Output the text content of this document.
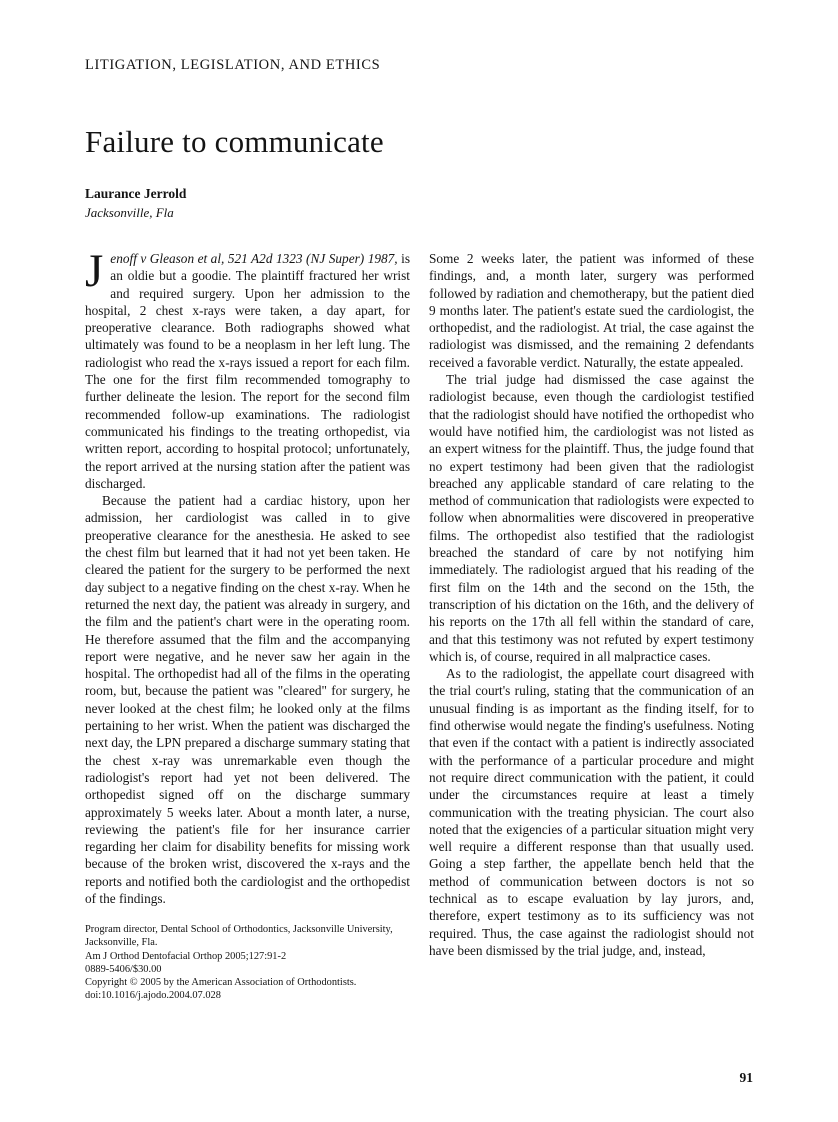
LITIGATION, LEGISLATION, AND ETHICS
Failure to communicate
Laurance Jerrold
Jacksonville, Fla

Jenoff v Gleason et al, 521 A2d 1323 (NJ Super) 1987, is an oldie but a goodie. The plaintiff fractured her wrist and required surgery. Upon her admission to the hospital, 2 chest x-rays were taken, a day apart, for preoperative clearance. Both radiographs showed what ultimately was found to be a neoplasm in her left lung. The radiologist who read the x-rays issued a report for each film. The one for the first film recommended tomography to further delineate the lesion. The report for the second film recommended follow-up examinations. The radiologist communicated his findings to the treating orthopedist, via written report, according to hospital protocol; unfortunately, the report arrived at the nursing station after the patient was discharged.

Because the patient had a cardiac history, upon her admission, her cardiologist was called in to give preoperative clearance for the anesthesia. He asked to see the chest film but learned that it had not yet been taken. He cleared the patient for the surgery to be performed the next day subject to a negative finding on the chest x-ray. When he returned the next day, the patient was already in surgery, and the film and the patient's chart were in the operating room. He therefore assumed that the film and the accompanying report were negative, and he never saw her again in the hospital. The orthopedist had all of the films in the operating room, but, because the patient was "cleared" for surgery, he never looked at the chest film; he looked only at the films pertaining to her wrist. When the patient was discharged the next day, the LPN prepared a discharge summary stating that the chest x-ray was unremarkable even though the radiologist's report had yet not been delivered. The orthopedist signed off on the discharge summary approximately 5 weeks later. About a month later, a nurse, reviewing the patient's file for her insurance carrier regarding her claim for disability benefits for missing work because of the broken wrist, discovered the x-rays and the reports and notified both the cardiologist and the orthopedist of the findings.

Program director, Dental School of Orthodontics, Jacksonville University, Jacksonville, Fla.
Am J Orthod Dentofacial Orthop 2005;127:91-2
0889-5406/$30.00
Copyright © 2005 by the American Association of Orthodontists.
doi:10.1016/j.ajodo.2004.07.028

Some 2 weeks later, the patient was informed of these findings, and, a month later, surgery was performed followed by radiation and chemotherapy, but the patient died 9 months later. The patient's estate sued the cardiologist, the orthopedist, and the radiologist. At trial, the case against the radiologist was dismissed, and the remaining 2 defendants received a favorable verdict. Naturally, the estate appealed.

The trial judge had dismissed the case against the radiologist because, even though the cardiologist testified that the radiologist should have notified the orthopedist who would have notified him, the cardiologist was not listed as an expert witness for the plaintiff. Thus, the judge found that no expert testimony had been given that the radiologist breached any applicable standard of care relating to the method of communication that radiologists were expected to follow when abnormalities were discovered in preoperative films. The orthopedist also testified that the radiologist breached the standard of care by not notifying him immediately. The radiologist argued that his reading of the first film on the 14th and the second on the 15th, the transcription of his dictation on the 16th, and the delivery of his reports on the 17th all fell within the standard of care, and that this testimony was not refuted by expert testimony which is, of course, required in all malpractice cases.

As to the radiologist, the appellate court disagreed with the trial court's ruling, stating that the communication of an unusual finding is as important as the finding itself, for to find otherwise would negate the finding's usefulness. Noting that even if the contact with a patient is indirectly associated with the performance of a particular procedure and might not require direct communication with the patient, it could under the circumstances require at least a timely communication with the treating physician. The court also noted that the exigencies of a particular situation might very well require a different response than that usually used. Going a step farther, the appellate bench held that the method of communication between doctors is not so technical as to escape evaluation by lay jurors, and, therefore, expert testimony as to its sufficiency was not required. Thus, the case against the radiologist should not have been dismissed by the trial judge, and, instead,

91
